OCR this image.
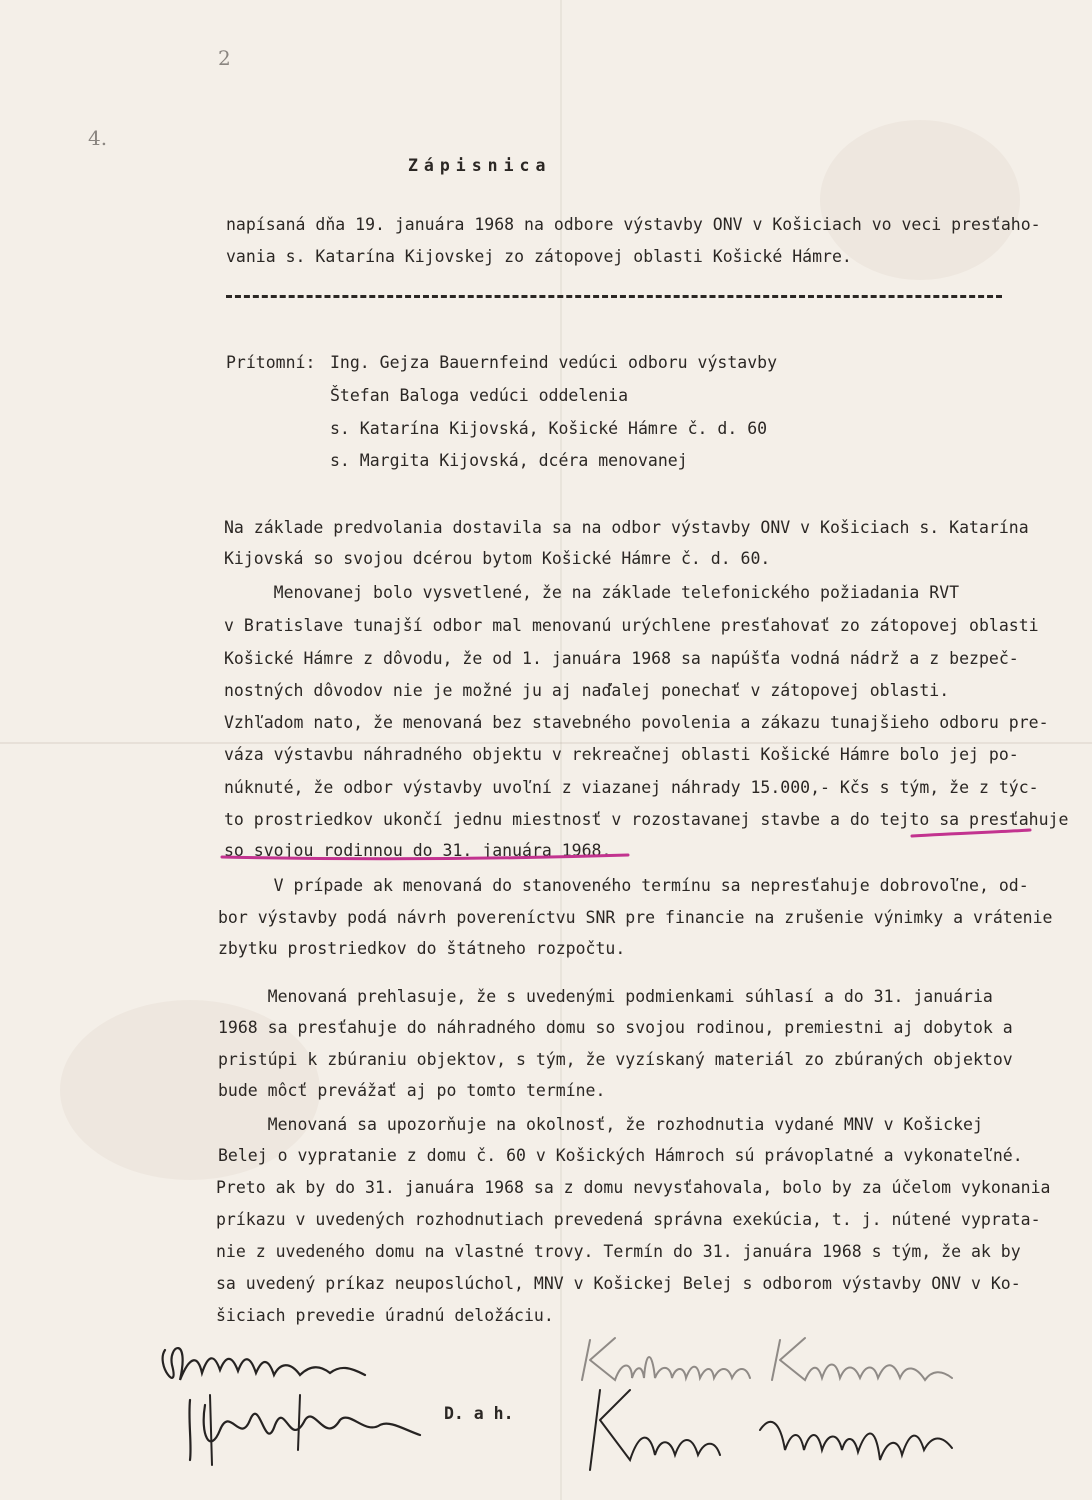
2
4.
Zápisnica
napísaná dňa 19. januára 1968 na odbore výstavby ONV v Košiciach vo veci presťaho-
vania s. Katarína Kijovskej zo zátopovej oblasti Košické Hámre.
Prítomní: Ing. Gejza Bauernfeind vedúci odboru výstavby
Štefan Baloga vedúci oddelenia
s. Katarína Kijovská, Košické Hámre č. d. 60
s. Margita Kijovská, dcéra menovanej
Na základe predvolania dostavila sa na odbor výstavby ONV v Košiciach s. Katarína
Kijovská so svojou dcérou bytom Košické Hámre č. d. 60.
Menovanej bolo vysvetlené, že na základe telefonického požiadania RVT
v Bratislave tunajší odbor mal menovanú urýchlene presťahovať zo zátopovej oblasti
Košické Hámre z dôvodu, že od 1. januára 1968 sa napúšťa vodná nádrž a z bezpeč-
nostných dôvodov nie je možné ju aj naďalej ponechať v zátopovej oblasti.
Vzhľadom nato, že menovaná bez stavebného povolenia a zákazu tunajšieho odboru pre-
váza výstavbu náhradného objektu v rekreačnej oblasti Košické Hámre bolo jej po-
núknuté, že odbor výstavby uvoľní z viazanej náhrady 15.000,- Kčs s tým, že z týc-
to prostriedkov ukončí jednu miestnosť v rozostavanej stavbe a do tejto sa presťahuje
so svojou rodinnou do 31. januára 1968.
V prípade ak menovaná do stanoveného termínu sa nepresťahuje dobrovoľne, od-
bor výstavby podá návrh povereníctvu SNR pre financie na zrušenie výnimky a vrátenie
zbytku prostriedkov do štátneho rozpočtu.
Menovaná prehlasuje, že s uvedenými podmienkami súhlasí a do 31. januária
1968 sa presťahuje do náhradného domu so svojou rodinou, premiestni aj dobytok a
pristúpi k zbúraniu objektov, s tým, že vyzískaný materiál zo zbúraných objektov
bude môcť prevážať aj po tomto termíne.
Menovaná sa upozorňuje na okolnosť, že rozhodnutia vydané MNV v Košickej
Belej o vypratanie z domu č. 60 v Košických Hámroch sú právoplatné a vykonateľné.
Preto ak by do 31. januára 1968 sa z domu nevysťahovala, bolo by za účelom vykonania
príkazu v uvedených rozhodnutiach prevedená správna exekúcia, t. j. nútené vyprata-
nie z uvedeného domu na vlastné trovy. Termín do 31. januára 1968 s tým, že ak by
sa uvedený príkaz neuposlúchol, MNV v Košickej Belej s odborom výstavby ONV v Ko-
šiciach prevedie úradnú deložáciu.
D. a h.
